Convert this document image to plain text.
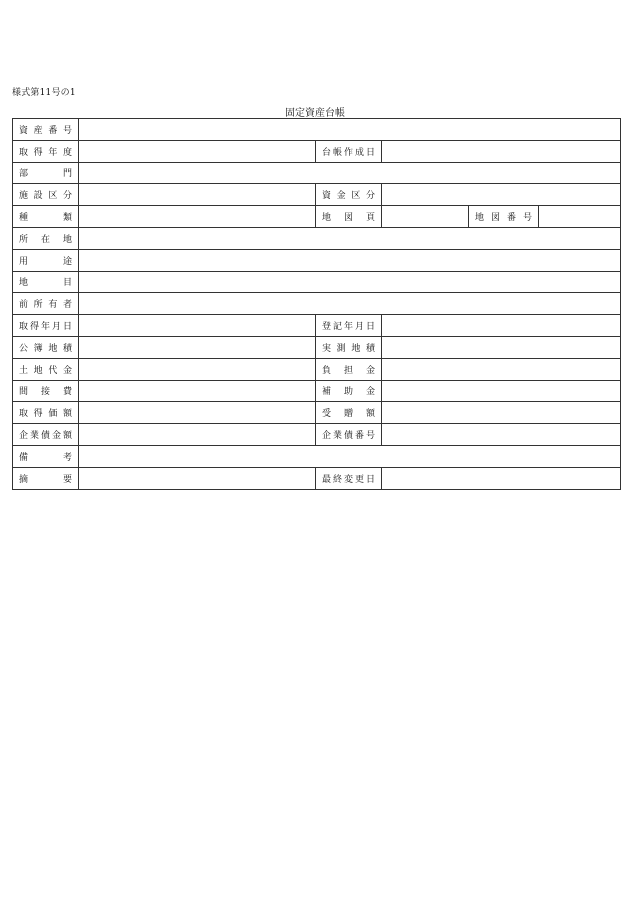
様式第11号の1
固定資産台帳
資産番号					
取得年度		台帳作成日			
部門					
施設区分		資金区分			
種類		地図頁		地図番号	
所在地					
用途					
地目					
前所有者					
取得年月日		登記年月日			
公簿地積		実測地積			
土地代金		負担金			
間接費		補助金			
取得価額		受贈額			
企業債金額		企業債番号			
備考					
摘要		最終変更日			
